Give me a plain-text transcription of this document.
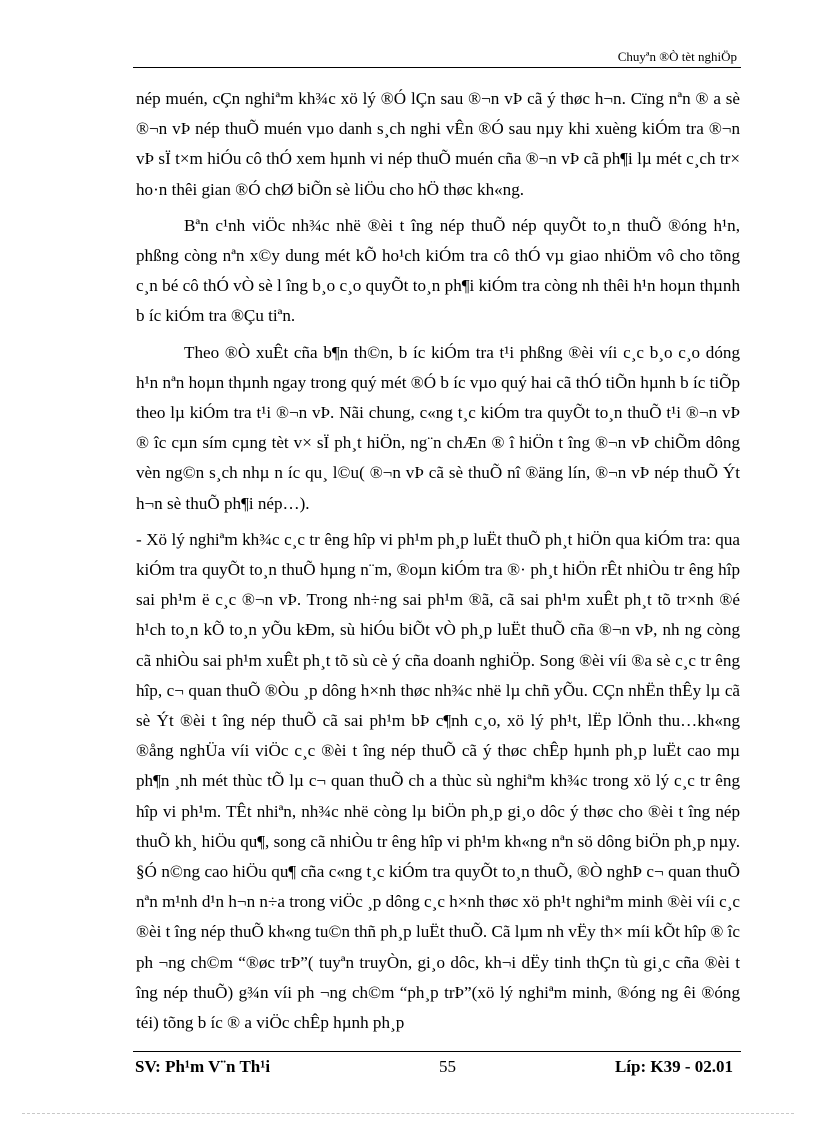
Chuyªn ®Ò tèt nghiÖp

nép muén, cÇn nghiªm kh¾c xö lý ®Ó lÇn sau ®¬n vÞ cã ý thøc h¬n. Cïng nªn ® a sè ®¬n vÞ nép thuÕ muén vµo danh s¸ch nghi vÊn ®Ó sau nµy khi xuèng kiÓm tra ®¬n vÞ sÏ t×m hiÓu cô thÓ xem hµnh vi nép thuÕ muén cña ®¬n vÞ cã ph¶i lµ mét c¸ch tr× ho·n thêi gian ®Ó chØ biÕn sè liÖu cho hÖ thøc kh«ng.

Bªn c¹nh viÖc nh¾c nhë ®èi t îng nép thuÕ nép quyÕt to¸n thuÕ ®óng h¹n, phßng còng nªn x©y dung mét kÕ ho¹ch kiÓm tra cô thÓ vµ giao nhiÖm vô cho tõng c¸n bé cô thÓ vÒ sè l îng b¸o c¸o quyÕt to¸n ph¶i kiÓm tra còng nh thêi h¹n hoµn thµnh b íc kiÓm tra ®Çu tiªn.

Theo ®Ò xuÊt cña b¶n th©n, b íc kiÓm tra t¹i phßng ®èi víi c¸c b¸o c¸o dóng h¹n nªn hoµn thµnh ngay trong quý mét ®Ó b íc vµo quý hai cã thÓ tiÕn hµnh b íc tiÕp theo lµ kiÓm tra t¹i ®¬n vÞ. Nãi chung, c«ng t¸c kiÓm tra quyÕt to¸n thuÕ t¹i ®¬n vÞ ® îc cµn sím cµng tèt v× sÏ ph¸t hiÖn, ng¨n chÆn ® î hiÖn t îng ®¬n vÞ chiÕm dông vèn ng©n s¸ch nhµ n íc qu¸ l©u( ®¬n vÞ cã sè thuÕ nî ®äng lín, ®¬n vÞ nép thuÕ Ýt h¬n sè thuÕ ph¶i nép…).

- Xö lý nghiªm kh¾c c¸c tr êng hîp vi ph¹m ph¸p luËt thuÕ ph¸t hiÖn qua kiÓm tra: qua kiÓm tra quyÕt to¸n thuÕ hµng n¨m, ®oµn kiÓm tra ®· ph¸t hiÖn rÊt nhiÒu tr êng hîp sai ph¹m ë c¸c ®¬n vÞ. Trong nh÷ng sai ph¹m ®ã, cã sai ph¹m xuÊt ph¸t tõ tr×nh ®é h¹ch to¸n kÕ to¸n yÕu kÐm, sù hiÓu biÕt vÒ ph¸p luËt thuÕ cña ®¬n vÞ, nh ng còng cã nhiÒu sai ph¹m xuÊt ph¸t tõ sù cè ý cña doanh nghiÖp. Song ®èi víi ®a sè c¸c tr êng hîp, c¬ quan thuÕ ®Òu ¸p dông h×nh thøc nh¾c nhë lµ chñ yÕu. CÇn nhËn thÊy lµ cã sè Ýt ®èi t îng nép thuÕ cã sai ph¹m bÞ c¶nh c¸o, xö lý ph¹t, lËp lÖnh thu…kh«ng ®ång nghÜa víi viÖc c¸c ®èi t îng nép thuÕ cã ý thøc chÊp hµnh ph¸p luËt cao mµ ph¶n ¸nh mét thùc tÕ lµ c¬ quan thuÕ ch a thùc sù nghiªm kh¾c trong xö lý c¸c tr êng hîp vi ph¹m. TÊt nhiªn, nh¾c nhë còng lµ biÖn ph¸p gi¸o dôc ý thøc cho ®èi t îng nép thuÕ kh¸ hiÖu qu¶, song cã nhiÒu tr êng hîp vi ph¹m kh«ng nªn sö dông biÖn ph¸p nµy. §Ó n©ng cao hiÖu qu¶ cña c«ng t¸c kiÓm tra quyÕt to¸n thuÕ, ®Ò nghÞ c¬ quan thuÕ nªn m¹nh d¹n h¬n n÷a trong viÖc ¸p dông c¸c h×nh thøc xö ph¹t nghiªm minh ®èi víi c¸c ®èi t îng nép thuÕ kh«ng tu©n thñ ph¸p luËt thuÕ. Cã lµm nh vËy th× míi kÕt hîp ® îc ph ¬ng ch©m “®øc trÞ”( tuyªn truyÒn, gi¸o dôc, kh¬i dËy tinh thÇn tù gi¸c cña ®èi t îng nép thuÕ) g¾n víi ph ¬ng ch©m “ph¸p trÞ”(xö lý nghiªm minh, ®óng ng êi ®óng téi) tõng b íc ® a viÖc chÊp hµnh ph¸p

SV: Ph¹m V¨n Th¹i	55	Líp: K39 - 02.01
